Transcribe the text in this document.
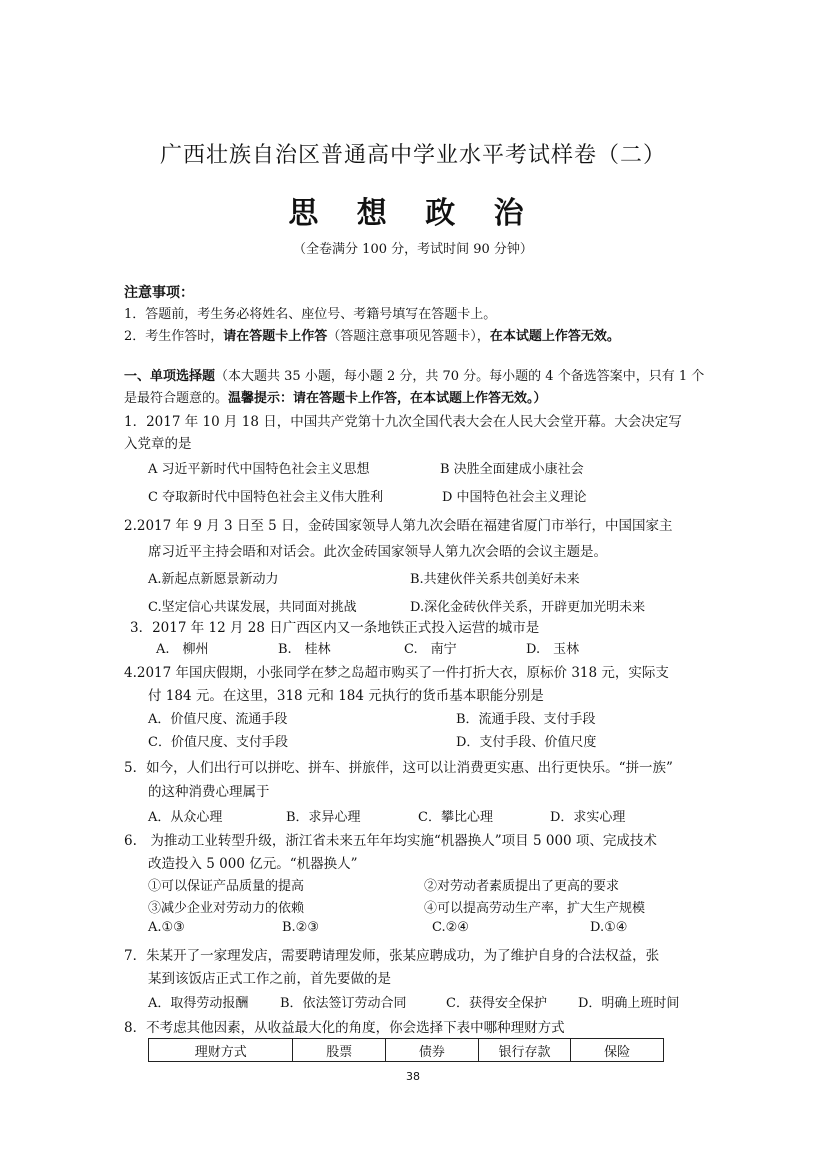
广西壮族自治区普通高中学业水平考试样卷（二）
思 想 政 治
（全卷满分 100 分，考试时间 90 分钟）
注意事项：
1．答题前，考生务必将姓名、座位号、考籍号填写在答题卡上。
2．考生作答时，请在答题卡上作答（答题注意事项见答题卡），在本试题上作答无效。
一、单项选择题（本大题共 35 小题，每小题 2 分，共 70 分。每小题的 4 个备选答案中，只有 1 个是最符合题意的。温馨提示：请在答题卡上作答，在本试题上作答无效。）
1．2017 年 10 月 18 日，中国共产党第十九次全国代表大会在人民大会堂开幕。大会决定写
入党章的是
A 习近平新时代中国特色社会主义思想	B 决胜全面建成小康社会
C 夺取新时代中国特色社会主义伟大胜利	D 中国特色社会主义理论
2.2017 年 9 月 3 日至 5 日，金砖国家领导人第九次会晤在福建省厦门市举行，中国国家主
席习近平主持会晤和对话会。此次金砖国家领导人第九次会晤的会议主题是。
A.新起点新愿景新动力	B.共建伙伴关系共创美好未来
C.坚定信心共谋发展，共同面对挑战	D.深化金砖伙伴关系，开辟更加光明未来
3．2017 年 12 月 28 日广西区内又一条地铁正式投入运营的城市是
A.　柳州	B.　桂林	C.　南宁	D.　玉林
4.2017 年国庆假期，小张同学在梦之岛超市购买了一件打折大衣，原标价 318 元，实际支
付 184 元。在这里，318 元和 184 元执行的货币基本职能分别是
A．价值尺度、流通手段	B．流通手段、支付手段
C．价值尺度、支付手段	D．支付手段、价值尺度
5．如今，人们出行可以拼吃、拼车、拼旅伴，这可以让消费更实惠、出行更快乐。“拼一族”
的这种消费心理属于
A．从众心理	B．求异心理	C．攀比心理	D．求实心理
6.　为推动工业转型升级，浙江省未来五年年均实施“机器换人”项目 5 000 项、完成技术
改造投入 5 000 亿元。“机器换人”
①可以保证产品质量的提高	②对劳动者素质提出了更高的要求
③减少企业对劳动力的依赖	④可以提高劳动生产率，扩大生产规模
A.①③	B.②③	C.②④	D.①④
7．朱某开了一家理发店，需要聘请理发师，张某应聘成功，为了维护自身的合法权益，张
某到该饭店正式工作之前，首先要做的是
A．取得劳动报酬 B．依法签订劳动合同	C．获得安全保护 D．明确上班时间
8．不考虑其他因素，从收益最大化的角度，你会选择下表中哪种理财方式
理财方式	股票	债券	银行存款	保险
38
